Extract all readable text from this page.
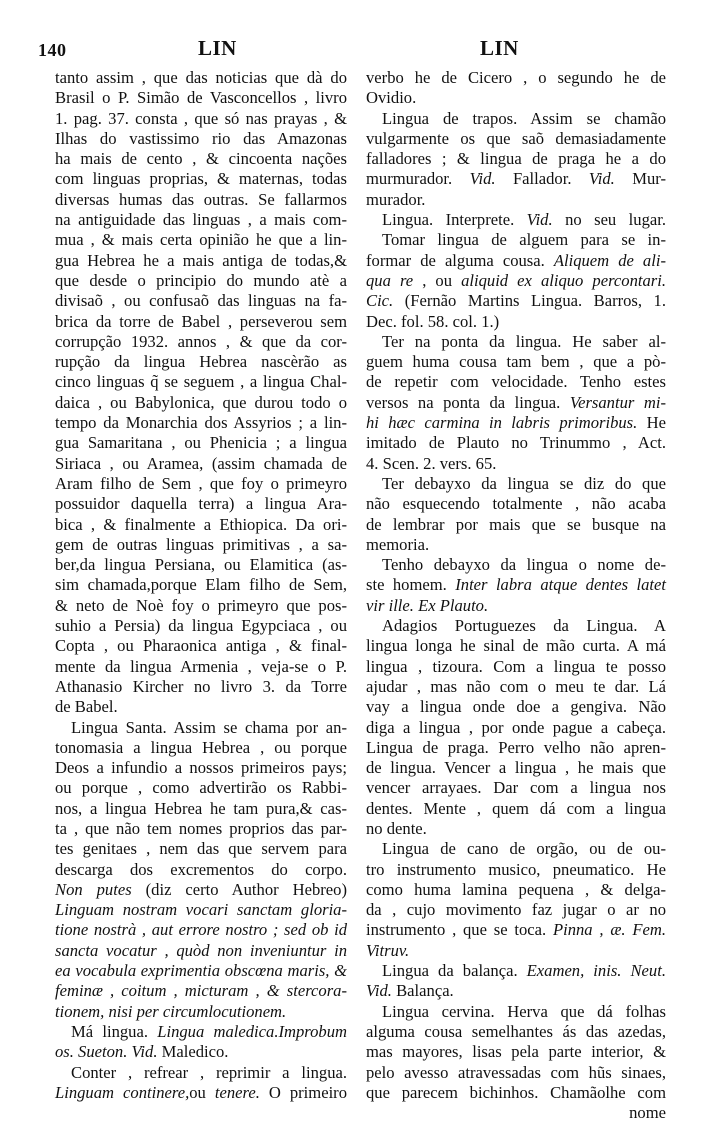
140	LIN	LIN
tanto assim , que das noticias que dà do
Brasil o P. Simão de Vasconcellos , livro
1. pag. 37. consta , que só nas prayas , &
Ilhas do vastissimo rio das Amazonas
ha mais de cento , & cincoenta nações
com linguas proprias, & maternas, todas
diversas humas das outras. Se fallarmos
na antiguidade das linguas , a mais com-
mua , & mais certa opinião he que a lin-
gua Hebrea he a mais antiga de todas,&
que desde o principio do mundo atè a
divisaõ , ou confusaõ das linguas na fa-
brica da torre de Babel , perseverou sem
corrupção 1932. annos , & que da cor-
rupção da lingua Hebrea nascèrão as
cinco linguas q̃ se seguem , a lingua Chal-
daica , ou Babylonica, que durou todo o
tempo da Monarchia dos Assyrios ; a lin-
gua Samaritana , ou Phenicia ; a lingua
Siriaca , ou Aramea, (assim chamada de
Aram filho de Sem , que foy o primeyro
possuidor daquella terra) a lingua Ara-
bica , & finalmente a Ethiopica. Da ori-
gem de outras linguas primitivas , a sa-
ber,da lingua Persiana, ou Elamitica (as-
sim chamada,porque Elam filho de Sem,
& neto de Noè foy o primeyro que pos-
suhio a Persia) da lingua Egypciaca , ou
Copta , ou Pharaonica antiga , & final-
mente da lingua Armenia , veja-se o P.
Athanasio Kircher no livro 3. da Torre
de Babel.
Lingua Santa. Assim se chama por an-
tonomasia a lingua Hebrea , ou porque
Deos a infundio a nossos primeiros pays;
ou porque , como advertirão os Rabbi-
nos, a lingua Hebrea he tam pura,& cas-
ta , que não tem nomes proprios das par-
tes genitaes , nem das que servem para
descarga dos excrementos do corpo.
Non putes (diz certo Author Hebreo)
Linguam nostram vocari sanctam gloria-
tione nostrà , aut errore nostro ; sed ob id
sancta vocatur , quòd non inveniuntur in
ea vocabula exprimentia obscœna maris, &
feminæ , coitum , micturam , & stercora-
tionem, nisi per circumlocutionem.
Má lingua. Lingua maledica.Improbum
os. Sueton. Vid. Maledico.
Conter , refrear , reprimir a lingua.
Linguam continere,ou tenere. O primeiro
verbo he de Cicero , o segundo he de
Ovidio.
Lingua de trapos. Assim se chamão
vulgarmente os que saõ demasiadamente
falladores ; & lingua de praga he a do
murmurador. Vid. Fallador. Vid. Mur-
murador.
Lingua. Interprete. Vid. no seu lugar.
Tomar lingua de alguem para se in-
formar de alguma cousa. Aliquem de ali-
qua re , ou aliquid ex aliquo percontari.
Cic. (Fernão Martins Lingua. Barros, 1.
Dec. fol. 58. col. 1.)
Ter na ponta da lingua. He saber al-
guem huma cousa tam bem , que a pò-
de repetir com velocidade. Tenho estes
versos na ponta da lingua. Versantur mi-
hi hæc carmina in labris primoribus. He
imitado de Plauto no Trinummo , Act.
4. Scen. 2. vers. 65.
Ter debayxo da lingua se diz do que
não esquecendo totalmente , não acaba
de lembrar por mais que se busque na
memoria.
Tenho debayxo da lingua o nome de-
ste homem. Inter labra atque dentes latet
vir ille. Ex Plauto.
Adagios Portuguezes da Lingua. A
lingua longa he sinal de mão curta. A má
lingua , tizoura. Com a lingua te posso
ajudar , mas não com o meu te dar. Lá
vay a lingua onde doe a gengiva. Não
diga a lingua , por onde pague a cabeça.
Lingua de praga. Perro velho não apren-
de lingua. Vencer a lingua , he mais que
vencer arrayaes. Dar com a lingua nos
dentes. Mente , quem dá com a lingua
no dente.
Lingua de cano de orgão, ou de ou-
tro instrumento musico, pneumatico. He
como huma lamina pequena , & delga-
da , cujo movimento faz jugar o ar no
instrumento , que se toca. Pinna , æ. Fem.
Vitruv.
Lingua da balança. Examen, inis. Neut.
Vid. Balança.
Lingua cervina. Herva que dá folhas
alguma cousa semelhantes ás das azedas,
mas mayores, lisas pela parte interior, &
pelo avesso atravessadas com hũs sinaes,
que parecem bichinhos. Chamãolhe com
nome
